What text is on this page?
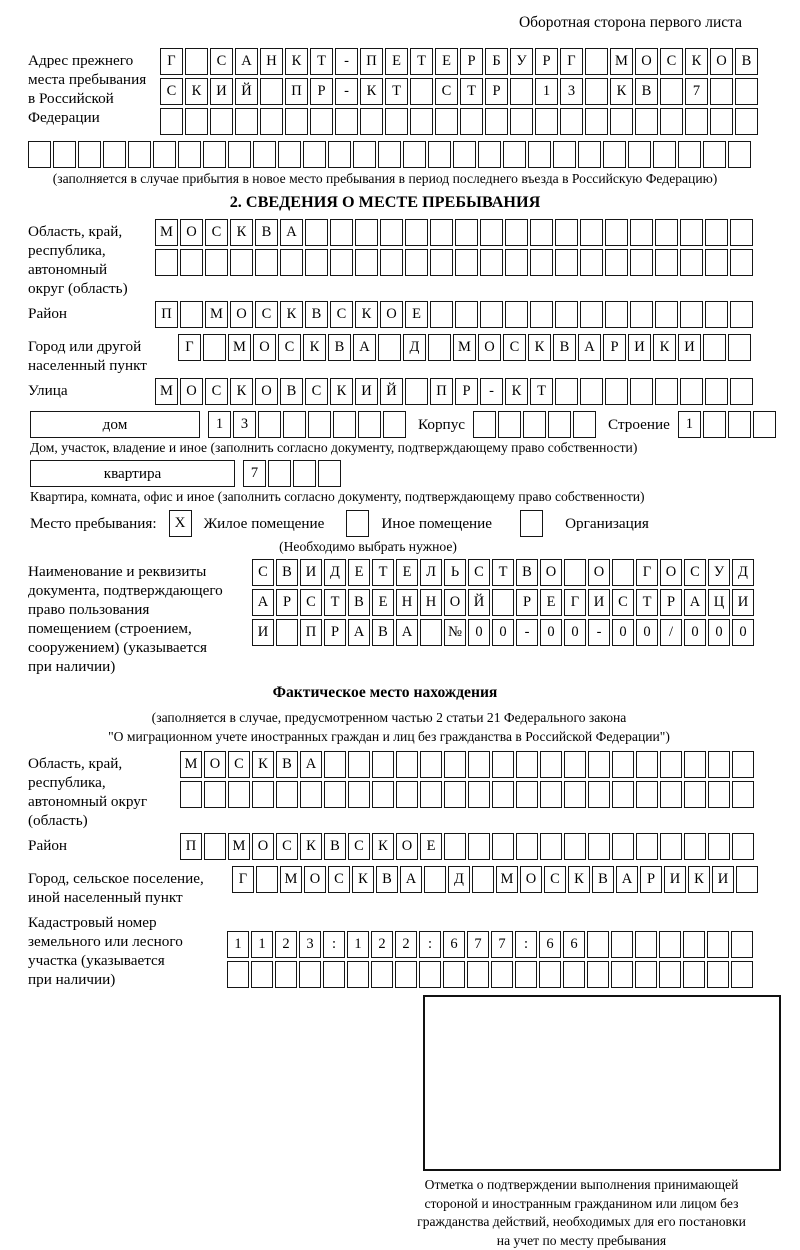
Оборотная сторона первого листа
Адрес прежнего
места пребывания
в Российской
Федерации
Г	С	А	Н	К	Т	-	П	Е	Т	Е	Р	Б	У	Р	Г	М О	С	К	О	В
С	К	И	Й	П	Р	-	К	Т	С	Т	Р	1	3	К	В	7
(заполняется в случае прибытия в новое место пребывания в период последнего въезда в Российскую Федерацию)
2. СВЕДЕНИЯ О МЕСТЕ ПРЕБЫВАНИЯ
Область, край,
республика,
автономный
округ (область)
М О	С	К	В	А
Район	П	М О	С	К	В	С	К	О	Е
Город или другой
населенный пункт
Г	М О	С	К	В	А	Д	М О	С	К	В	А	Р	И	К	И
Улица	М О	С	К	О	В	С	К	И	Й	П	Р	-	К	Т
дом	1	3	Корпус	Строение	1
Дом, участок, владение и иное (заполнить согласно документу, подтверждающему право собственности)
квартира	7
Квартира, комната, офис и иное (заполнить согласно документу, подтверждающему право собственности)
Место пребывания:	X	Жилое помещение	Иное помещение	Организация
(Необходимо выбрать нужное)
Наименование и реквизиты
документа, подтверждающего
право пользования
помещением (строением,
сооружением) (указывается
при наличии)
С В И Д	Е	Т	Е	Л	Ь	С	Т	В О	О	Г	О С У Д
А	Р	С	Т	В	Е Н Н О Й	Р	Е	Г	И С	Т	Р	А Ц И
И	П	Р	А В А	№ 0	0	-	0	0	-	0	0	/	0	0	0
Фактическое место нахождения
(заполняется в случае, предусмотренном частью 2 статьи 21 Федерального закона
"О миграционном учете иностранных граждан и лиц без гражданства в Российской Федерации")
Область, край,
республика,
автономный округ
(область)
М О С К В А
Район	П	М О С К В С К О Е
Город, сельское поселение,
иной населенный пункт
Г	М О С К В А	Д	М О С К В А	Р	И К И
Кадастровый номер
земельного или лесного
участка (указывается
при наличии)
1	1	2	3	:	1	2	2	:	6	7	7	:	6	6
Отметка о подтверждении выполнения принимающей
стороной и иностранным гражданином или лицом без
гражданства действий, необходимых для его постановки
на учет по месту пребывания
